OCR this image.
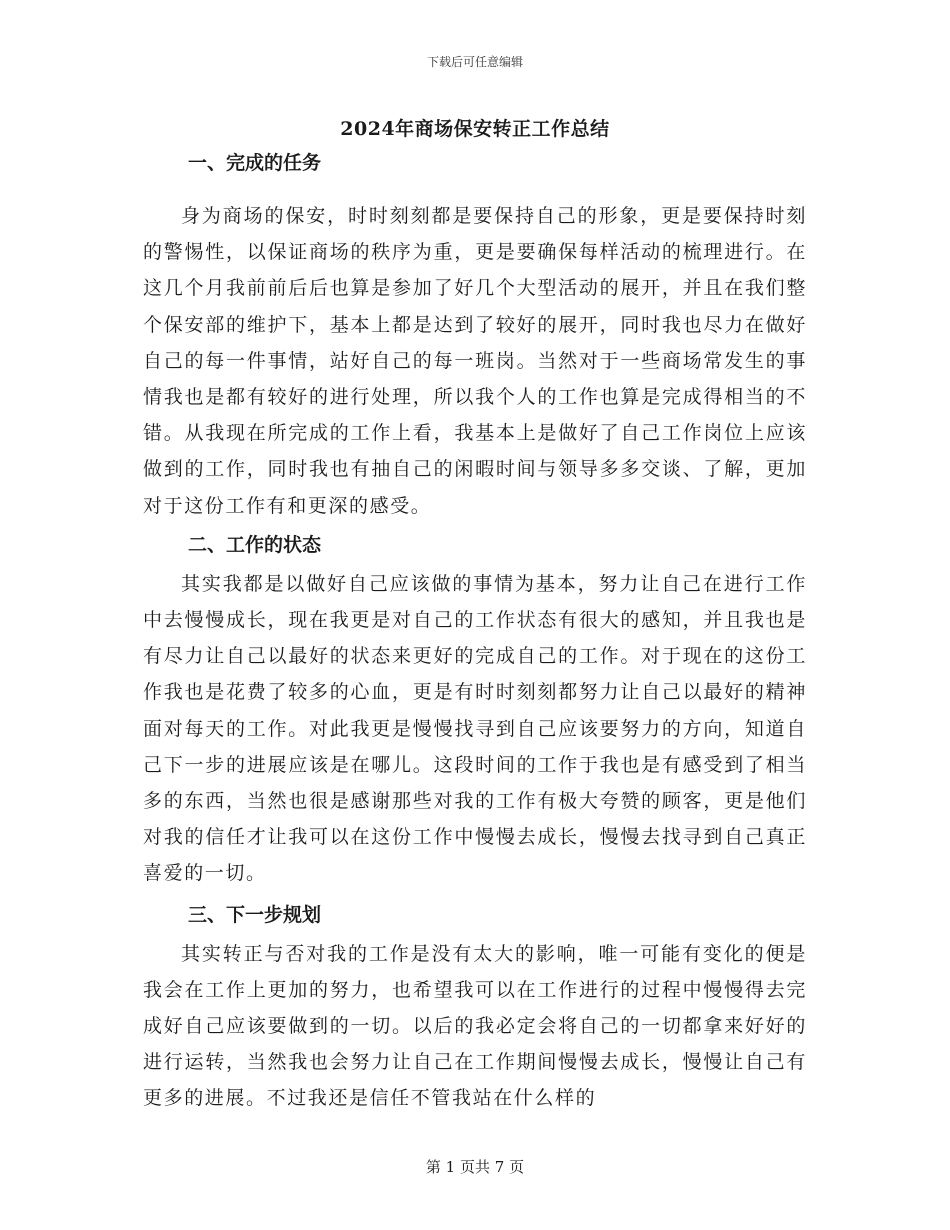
下载后可任意编辑
2024年商场保安转正工作总结
一、完成的任务

身为商场的保安，时时刻刻都是要保持自己的形象，更是要保持时刻的警惕性，以保证商场的秩序为重，更是要确保每样活动的梳理进行。在这几个月我前前后后也算是参加了好几个大型活动的展开，并且在我们整个保安部的维护下，基本上都是达到了较好的展开，同时我也尽力在做好自己的每一件事情，站好自己的每一班岗。当然对于一些商场常发生的事情我也是都有较好的进行处理，所以我个人的工作也算是完成得相当的不错。从我现在所完成的工作上看，我基本上是做好了自己工作岗位上应该做到的工作，同时我也有抽自己的闲暇时间与领导多多交谈、了解，更加对于这份工作有和更深的感受。

二、工作的状态

其实我都是以做好自己应该做的事情为基本，努力让自己在进行工作中去慢慢成长，现在我更是对自己的工作状态有很大的感知，并且我也是有尽力让自己以最好的状态来更好的完成自己的工作。对于现在的这份工作我也是花费了较多的心血，更是有时时刻刻都努力让自己以最好的精神面对每天的工作。对此我更是慢慢找寻到自己应该要努力的方向，知道自己下一步的进展应该是在哪儿。这段时间的工作于我也是有感受到了相当多的东西，当然也很是感谢那些对我的工作有极大夸赞的顾客，更是他们对我的信任才让我可以在这份工作中慢慢去成长，慢慢去找寻到自己真正喜爱的一切。

三、下一步规划

其实转正与否对我的工作是没有太大的影响，唯一可能有变化的便是我会在工作上更加的努力，也希望我可以在工作进行的过程中慢慢得去完成好自己应该要做到的一切。以后的我必定会将自己的一切都拿来好好的进行运转，当然我也会努力让自己在工作期间慢慢去成长，慢慢让自己有更多的进展。不过我还是信任不管我站在什么样的

第 1 页共 7 页
